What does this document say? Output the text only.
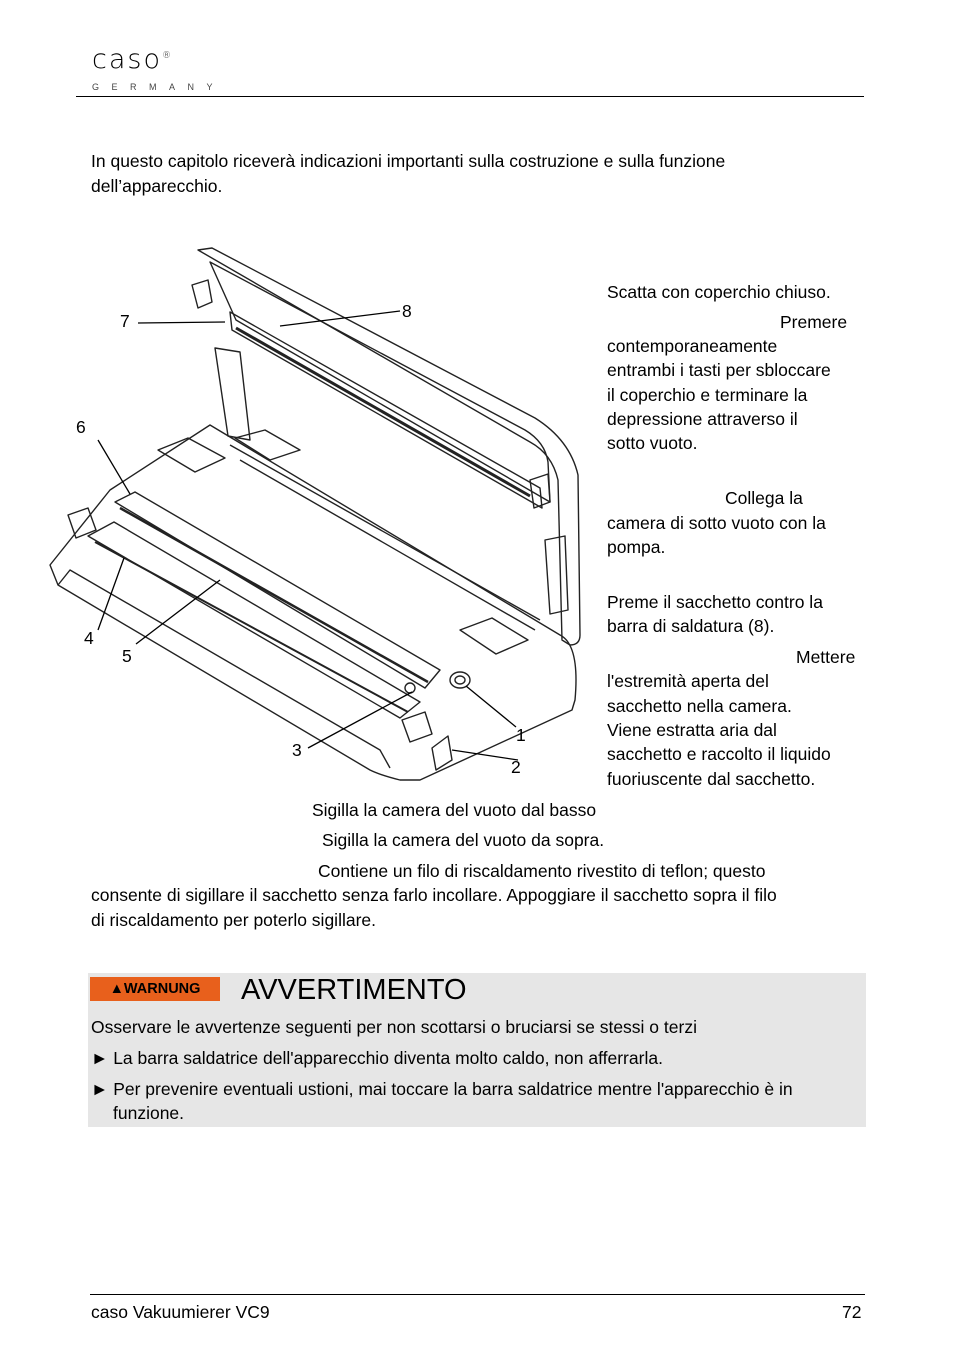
caso®
GERMANY
In questo capitolo riceverà indicazioni importanti sulla costruzione e sulla funzione
dell’apparecchio.
1
2
3
4
5
6
7	8
Scatta con coperchio chiuso.
Premere
contemporaneamente
entrambi i tasti per sbloccare
il coperchio e terminare la
depressione attraverso il
sotto vuoto.
Collega la
camera di sotto vuoto con la
pompa.
Preme il sacchetto contro la
barra di saldatura (8).
Mettere
l'estremità aperta del
sacchetto nella camera.
Viene estratta aria dal
sacchetto e raccolto il liquido
fuoriuscente dal sacchetto.
Sigilla la camera del vuoto dal basso
Sigilla la camera del vuoto da sopra.
Contiene un filo di riscaldamento rivestito di teflon; questo
consente di sigillare il sacchetto senza farlo incollare. Appoggiare il sacchetto sopra il filo
di riscaldamento per poterlo sigillare.
▲WARNUNG	AVVERTIMENTO
Osservare le avvertenze seguenti per non scottarsi o bruciarsi se stessi o terzi
► La barra saldatrice dell'apparecchio diventa molto caldo, non afferrarla.
► Per prevenire eventuali ustioni, mai toccare la barra saldatrice mentre l'apparecchio è in
funzione.
caso Vakuumierer VC9	72
